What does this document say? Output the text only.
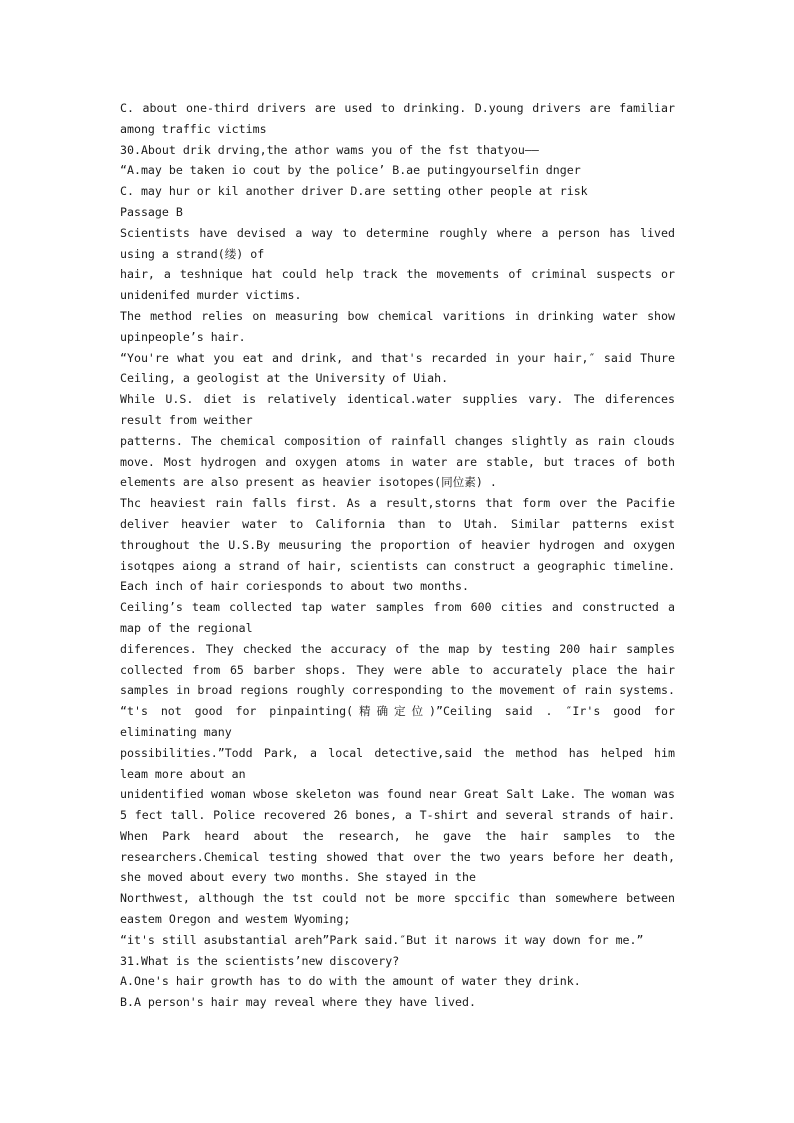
C. about one-third drivers are used to drinking. D.young drivers are familiar
among traffic victims
30.About drik drving,the athor wams you of the fst thatyou——
“A.may be taken io cout by the police’ B.ae putingyourselfin dnger
C. may hur or kil another driver D.are setting other people at risk
Passage B
Scientists have devised a way to determine roughly where a person has lived
using a strand(缕) of
hair, a teshnique hat could help track the movements of criminal suspects or
unidenifed murder victims.
The method relies on measuring bow chemical varitions in drinking water show
upinpeople’s hair.
“You're what you eat and drink, and that's recarded in your hair,″ said Thure
Ceiling, a geologist at the University of Uiah.
While U.S. diet is relatively identical.water supplies vary. The diferences
result from weither
patterns. The chemical composition of rainfall changes slightly as rain clouds
move. Most hydrogen and oxygen atoms in water are stable, but traces of both
elements are also present as heavier isotopes(同位素) .
Thc heaviest rain falls first. As a result,storns that form over the Pacifie
deliver heavier water to California than to Utah. Similar patterns exist
throughout the U.S.By meusuring the proportion of heavier hydrogen and oxygen
isotqpes aiong a strand of hair, scientists can construct a geographic timeline.
Each inch of hair coriesponds to about two months.
Ceiling’s team collected tap water samples from 600 cities and constructed a
map of the regional
diferences. They checked the accuracy of the map by testing 200 hair samples
collected from 65 barber shops. They were able to accurately place the hair
samples in broad regions roughly corresponding to the movement of rain systems.
“t's not good for pinpainting(精确定位)”Ceiling said . ″Ir's good for
eliminating many
possibilities.”Todd Park, a local detective,said the method has helped him
leam more about an
unidentified woman wbose skeleton was found near Great Salt Lake. The woman was
5 fect tall. Police recovered 26 bones, a T-shirt and several strands of hair.
When Park heard about the research, he gave the hair samples to the
researchers.Chemical testing showed that over the two years before her death,
she moved about every two months. She stayed in the
Northwest, although the tst could not be more spccific than somewhere between
eastem Oregon and westem Wyoming;
“it's still asubstantial areh”Park said.″But it narows it way down for me.”
31.What is the scientists’new discovery?
A.One's hair growth has to do with the amount of water they drink.
B.A person's hair may reveal where they have lived.
